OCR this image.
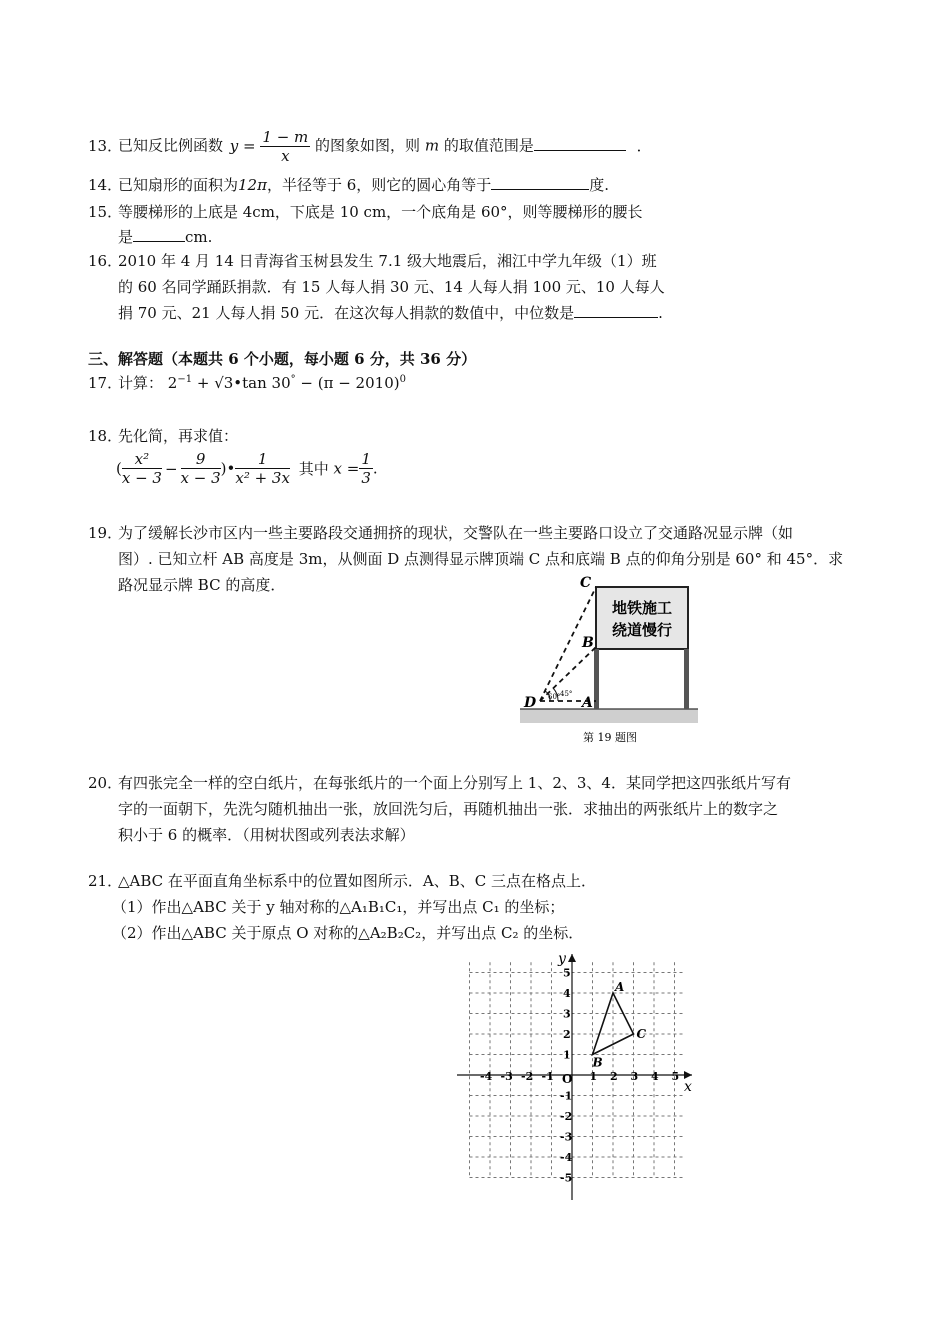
13．已知反比例函数 $y = \frac{1 - m}{x}$ 的图象如图，则 m 的取值范围是	．
14．已知扇形的面积为12π，半径等于 6，则它的圆心角等于	度.
15．等腰梯形的上底是 4cm，下底是 10 cm，一个底角是 60°，则等腰梯形的腰长
是	cm.
16．2010 年 4 月 14 日青海省玉树县发生 7.1 级大地震后，湘江中学九年级（1）班
的 60 名同学踊跃捐款．有 15 人每人捐 30 元、14 人每人捐 100 元、10 人每人
捐 70 元、21 人每人捐 50 元．在这次每人捐款的数值中，中位数是	.
三、解答题（本题共 6 个小题，每小题 6 分，共 36 分）
17．计算： $2^{-1}$ + √3•tan $30^\circ - (\pi - 2010)^0$
18．先化简，再求值：
( $\frac{\text{x²}}{x - 3} - \frac{9}{x - 3}$ )• $\frac{1}{\text{x² + 3x}}$ 其中 $x = \frac{1}{3}$ .
19．为了缓解长沙市区内一些主要路段交通拥挤的现状，交警队在一些主要路口设立了交通路况显示牌（如
图）. 已知立杆 AB 高度是 3m，从侧面 D 点测得显示牌顶端 C 点和底端 B 点的仰角分别是 60° 和 45°．求
路况显示牌 BC 的高度．
地铁施工
绕道慢行
60° 45°
C
B
D	A
第 19 题图
20．有四张完全一样的空白纸片，在每张纸片的一个面上分别写上 1、2、3、4．某同学把这四张纸片写有
字的一面朝下，先洗匀随机抽出一张，放回洗匀后，再随机抽出一张．求抽出的两张纸片上的数字之
积小于 6 的概率．（用树状图或列表法求解）
21．△ABC 在平面直角坐标系中的位置如图所示．A、B、C 三点在格点上．
（1）作出△ABC 关于 y 轴对称的△A₁B₁C₁，并写出点 C₁ 的坐标；
（2）作出△ABC 关于原点 O 对称的△A₂B₂C₂，并写出点 C₂ 的坐标．
x
y
O
-4 -3 -2 -1	1 2 3 4 5
5
4
3
2
1
-1
-2
-3
-4
-5
A
B
C
